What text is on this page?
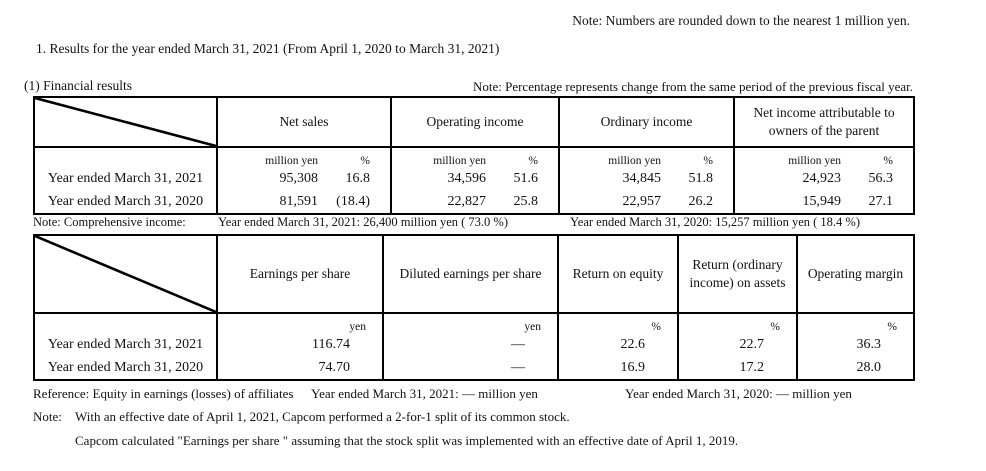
Note: Numbers are rounded down to the nearest 1 million yen.
1. Results for the year ended March 31, 2021 (From April 1, 2020 to March 31, 2021)
(1) Financial results	Note: Percentage represents change from the same period of the previous fiscal year.
	Net sales	Operating income	Ordinary income	Net income attributable to owners of the parent

	million yen %	million yen %	million yen %	million yen %

Year ended March 31, 2021	95,308 16.8	34,596 51.6	34,845 51.8	24,923 56.3

Year ended March 31, 2020	81,591 (18.4)	22,827 25.8	22,957 26.2	15,949 27.1
Note: Comprehensive income:	Year ended March 31, 2021: 26,400 million yen ( 73.0 %)	Year ended March 31, 2020: 15,257 million yen ( 18.4 %)
	Earnings per share	Diluted earnings per share	Return on equity	Return (ordinary income) on assets	Operating margin
	yen	yen	%	%	%
Year ended March 31, 2021	116.74	—	22.6	22.7	36.3
Year ended March 31, 2020	74.70	—	16.9	17.2	28.0
Reference: Equity in earnings (losses) of affiliates Year ended March 31, 2021: — million yen	Year ended March 31, 2020: — million yen
Note: With an effective date of April 1, 2021, Capcom performed a 2-for-1 split of its common stock.
Capcom calculated "Earnings per share " assuming that the stock split was implemented with an effective date of April 1, 2019.
